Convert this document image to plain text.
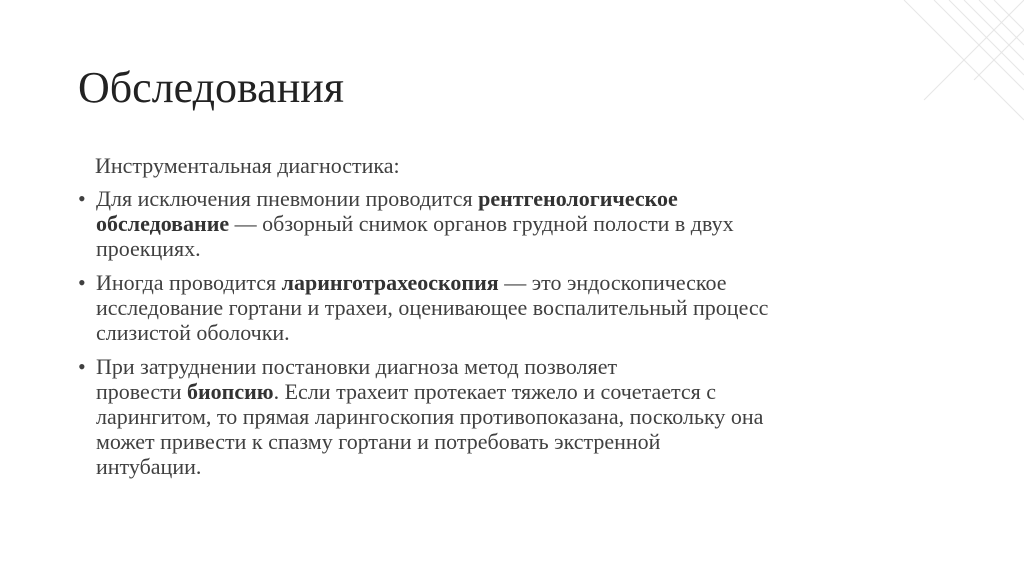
Обследования

Инструментальная диагностика:

• Для исключения пневмонии проводится рентгенологическое
обследование — обзорный снимок органов грудной полости в двух
проекциях.
• Иногда проводится ларинготрахеоскопия — это эндоскопическое
исследование гортани и трахеи, оценивающее воспалительный процесс
слизистой оболочки.
• При затруднении постановки диагноза метод позволяет
провести биопсию. Если трахеит протекает тяжело и сочетается с
ларингитом, то прямая ларингоскопия противопоказана, поскольку она
может привести к спазму гортани и потребовать экстренной
интубации.
